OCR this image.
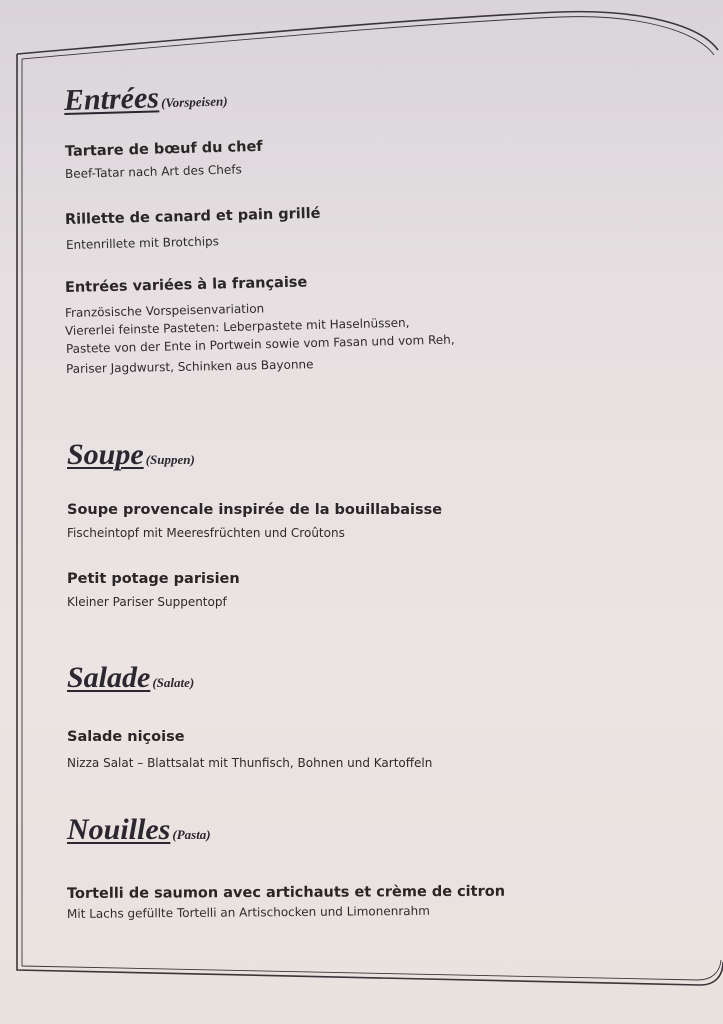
Entrées(Vorspeisen)
Tartare de bœuf du chef
Beef-Tatar nach Art des Chefs
Rillette de canard et pain grillé
Entenrillete mit Brotchips
Entrées variées à la française
Französische Vorspeisenvariation
Viererlei feinste Pasteten: Leberpastete mit Haselnüssen,
Pastete von der Ente in Portwein sowie vom Fasan und vom Reh,
Pariser Jagdwurst, Schinken aus Bayonne
Soupe (Suppen)
Soupe provencale inspirée de la bouillabaisse
Fischeintopf mit Meeresfrüchten und Croûtons
Petit potage parisien
Kleiner Pariser Suppentopf
Salade (Salate)
Salade niçoise
Nizza Salat – Blattsalat mit Thunfisch, Bohnen und Kartoffeln
Nouilles (Pasta)
Tortelli de saumon avec artichauts et crème de citron
Mit Lachs gefüllte Tortelli an Artischocken und Limonenrahm
